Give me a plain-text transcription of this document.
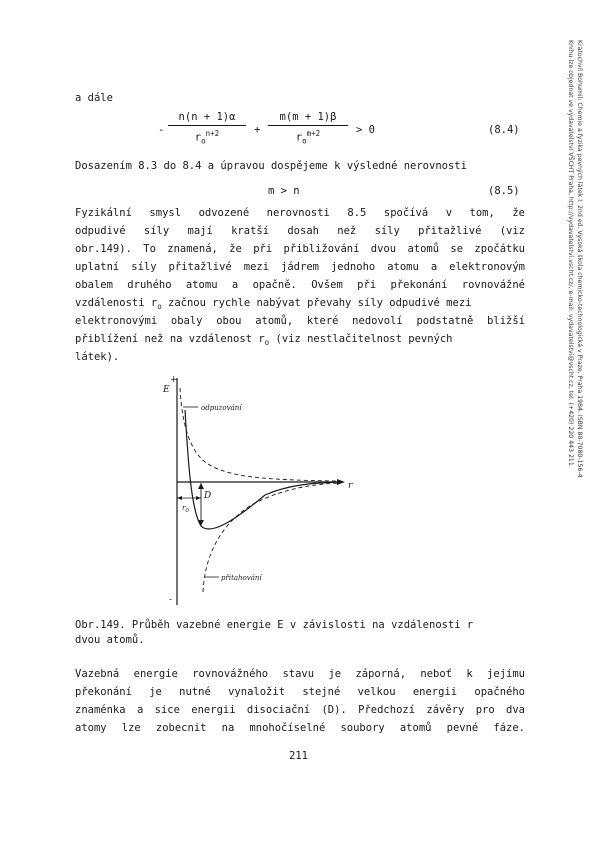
a dále
-
n(n + 1)α
$r_o^{n+2}$	+
m(m + 1)β
$r_o^{m+2}$	> 0	(8.4)
Dosazením 8.3 do 8.4 a úpravou dospějeme k výsledné nerovnosti
m > n	(8.5)
Fyzikální smysl odvozené nerovnosti 8.5 spočívá v tom, že
odpudivé síly mají kratší dosah než síly přitažlivé (viz
obr.149). To znamená, že při přibližování dvou atomů se zpočátku
uplatní síly přitažlivé mezi jádrem jednoho atomu a elektronovým
obalem druhého atomu a opačně. Ovšem při překonání rovnovážné
vzdálenosti $r_o$ začnou rychle nabývat převahy síly odpudivé mezi
elektronovými obaly obou atomů, které nedovolí podstatně bližší
přiblížení než na vzdálenost $r_o$ (viz nestlačitelnost pevných
látek).
E
+
-
odpuzování
přitahování
D
$r_0$
r
Obr.149. Průběh vazebné energie E v závislosti na vzdálenosti r
dvou atomů.
Vazebná energie rovnovážného stavu je záporná, neboť k jejímu
překonání je nutné vynaložit stejné velkou energii opačného
znaménka a sice energii disociační (D). Předchozí závěry pro dva
atomy lze zobecnit na mnohočíselné soubory atomů pevné fáze.
211
Kratochvíl Bohumil: Chemie a fyzika pevných látek I. 2nd ed. Vysoká škola chemicko-technologická v Praze, Praha 1984. ISBN 80-7080-156-4
Knihu lze objednat ve vydavatelství VŠCHT Praha, http://vydavatelstvi.vscht.cz/, e-mail: vydavatelstvi@vscht.cz, tel. (+420) 220 443 211
